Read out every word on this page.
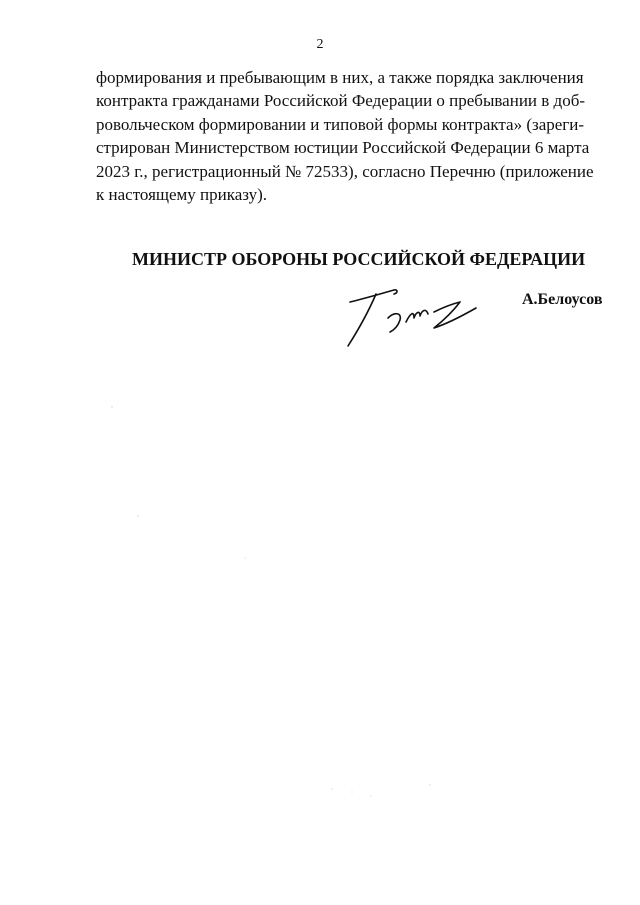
2
формирования и пребывающим в них, а также порядка заключения
контракта гражданами Российской Федерации о пребывании в доб-
ровольческом формировании и типовой формы контракта» (зареги-
стрирован Министерством юстиции Российской Федерации 6 марта
2023 г., регистрационный № 72533), согласно Перечню (приложение
к настоящему приказу).
МИНИСТР ОБОРОНЫ РОССИЙСКОЙ ФЕДЕРАЦИИ
А.Белоусов
